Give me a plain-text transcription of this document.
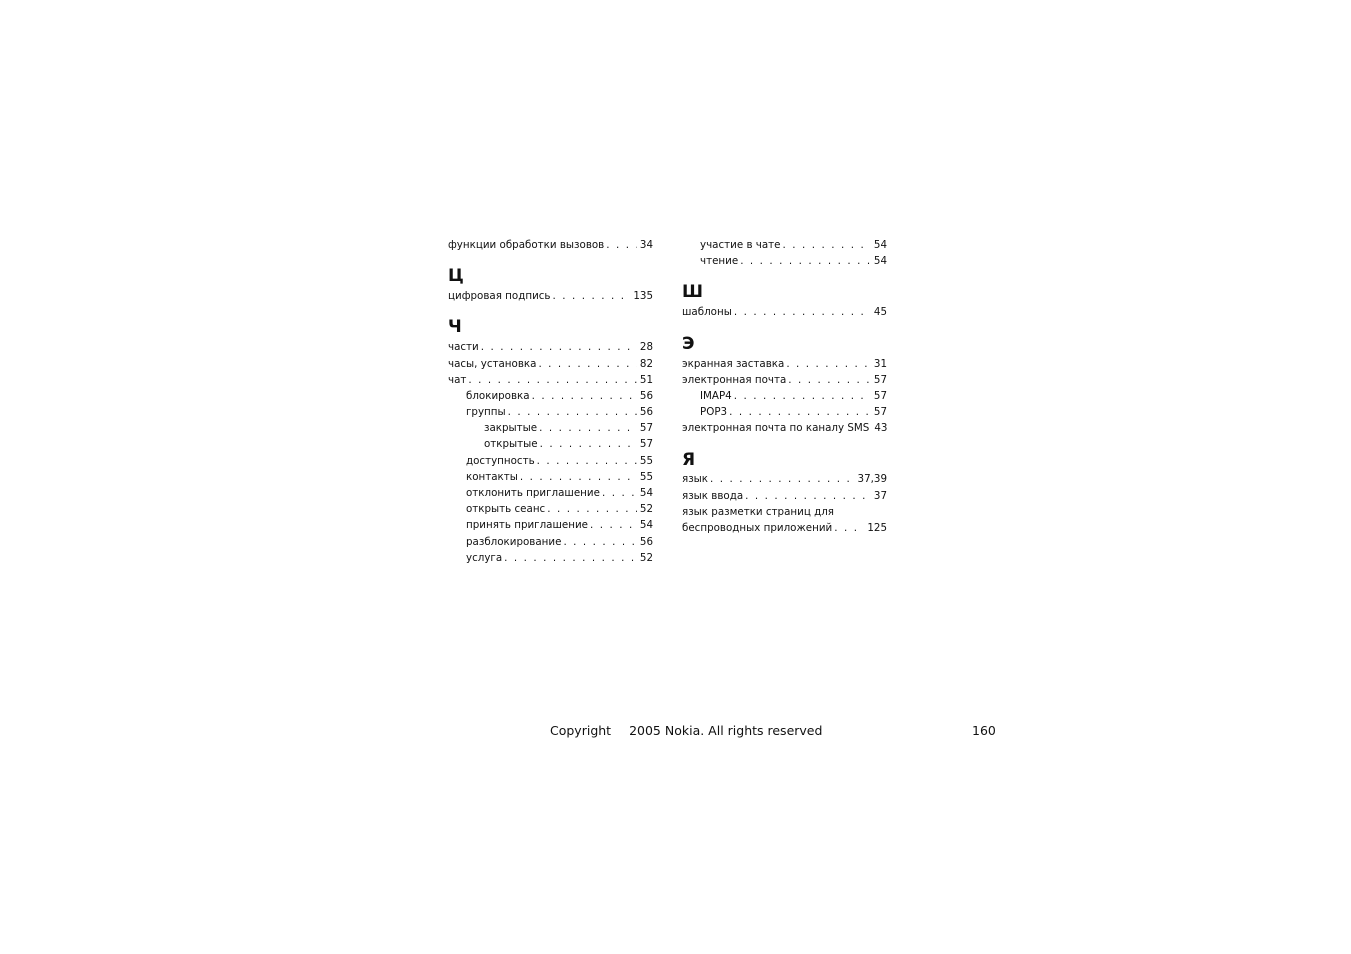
функции обработки вызовов . . .	34
Ц
цифровая подпись . . .	135
Ч
части . . .	28
часы, установка . . .	82
чат . . .	51
блокировка . . .	56
группы . . .	56
закрытые . . .	57
открытые . . .	57
доступность . . .	55
контакты . . .	55
отклонить приглашение . . .	54
открыть сеанс . . .	52
принять приглашение . . .	54
разблокирование . . .	56
услуга . . .	52
участие в чате . . .	54
чтение . . .	54
Ш
шаблоны . . .	45
Э
экранная заставка . . .	31
электронная почта . . .	57
IMAP4 . . .	57
POP3 . . .	57
электронная почта по каналу SMS 43
Я
язык . . .	37,39
язык ввода . . .	37
язык разметки страниц для
беспроводных приложений . . .	125
Copyright 2005 Nokia. All rights reserved	160
